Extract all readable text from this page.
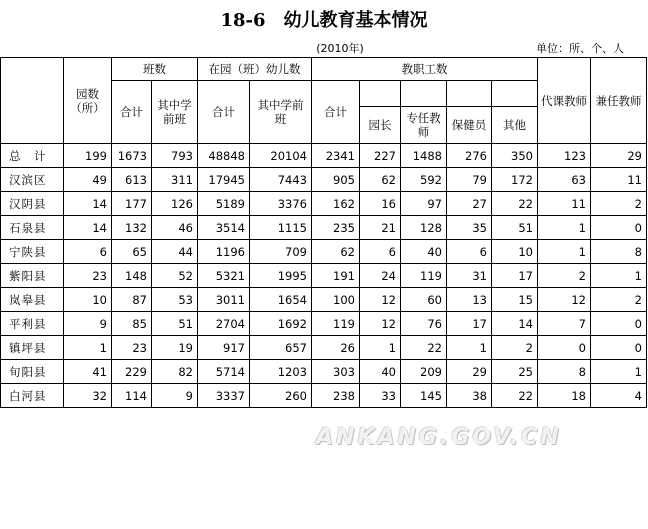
18-6　幼儿教育基本情况
(2010年)	单位：所、个、人
	园数（所）	班数		在园（班）幼儿数		教职工数					代课教师	兼任教师
		合计	其中学前班	合计	其中学前班	合计						
							园长	专任教师	保健员	其他		
总　计	199	1673	793	48848	20104	2341	227	1488	276	350	123	29
汉滨区	49	613	311	17945	7443	905	62	592	79	172	63	11
汉阴县	14	177	126	5189	3376	162	16	97	27	22	11	2
石泉县	14	132	46	3514	1115	235	21	128	35	51	1	0
宁陕县	6	65	44	1196	709	62	6	40	6	10	1	8
紫阳县	23	148	52	5321	1995	191	24	119	31	17	2	1
岚皋县	10	87	53	3011	1654	100	12	60	13	15	12	2
平利县	9	85	51	2704	1692	119	12	76	17	14	7	0
镇坪县	1	23	19	917	657	26	1	22	1	2	0	0
旬阳县	41	229	82	5714	1203	303	40	209	29	25	8	1
白河县	32	114	9	3337	260	238	33	145	38	22	18	4
ANKANG.GOV.CN
